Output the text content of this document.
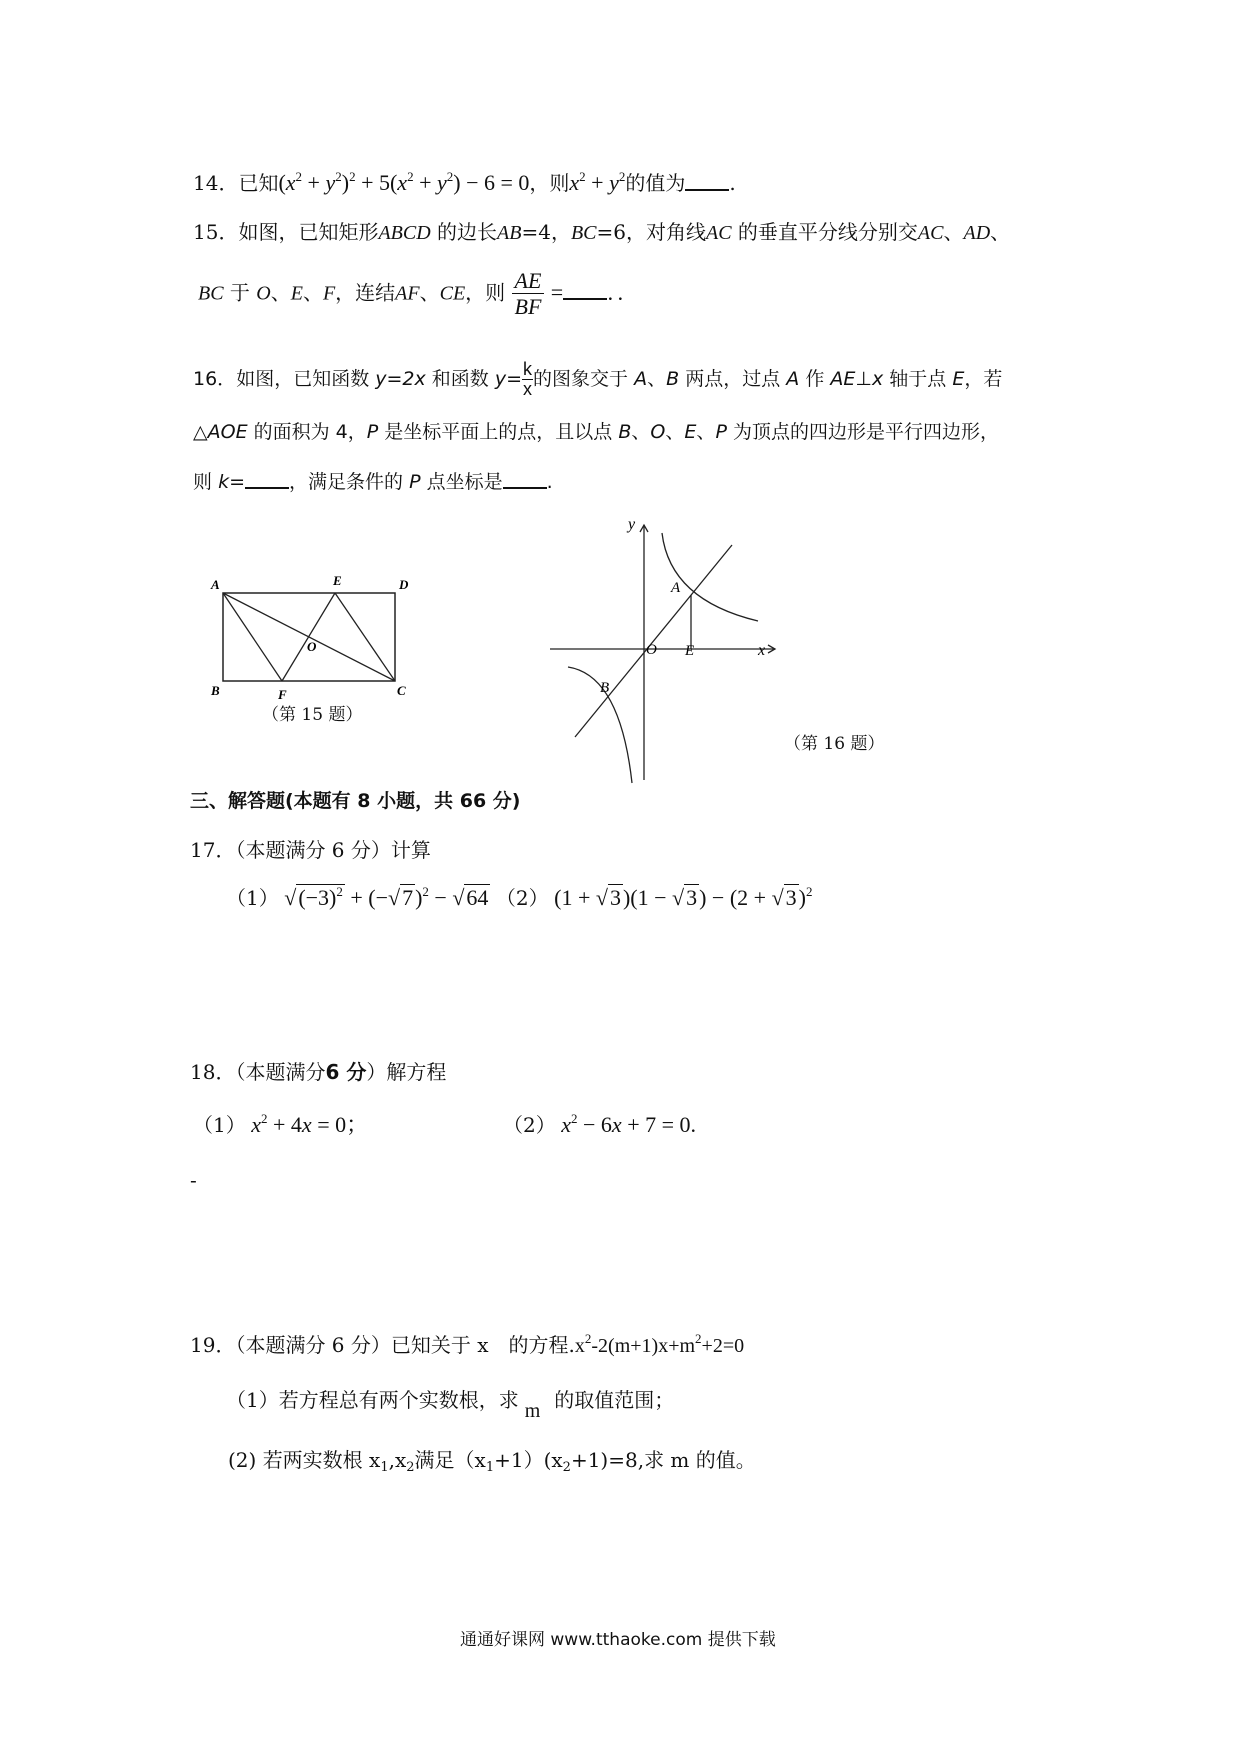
14．已知$(x^2 + y^2)^2 + 5(x^2 + y^2) - 6 = 0$，则$x^2 + y^2$的值为 .
15．如图，已知矩形ABCD 的边长AB=4，BC=6，对角线AC 的垂直平分线分别交AC、AD、
BC 于 O、E、F，连结AF、CE，则 $\frac{AE}{BF}$ = ．．
16．如图，已知函数 y=2x 和函数 $y= \frac{k}{x}$ 的图象交于 A、B 两点，过点 A 作 AE⊥x 轴于点 E，若
△AOE 的面积为 4，P 是坐标平面上的点，且以点 B、O、E、P 为顶点的四边形是平行四边形，
则 k= ，满足条件的 P 点坐标是 .
A	E	D
B	F	C
O
（第 15 题）
y
x
O
A
E
B
（第 16 题）
三、解答题(本题有 8 小题，共 66 分)
17．（本题满分 6 分）计算
（1） $√(-3)^2 + (-√7)^2 - √64$ （2） $(1 + √3)(1 - √3) - (2 + √3)^2$
18．（本题满分6 分）解方程
（1） $x^2 + 4x = 0$；	（2） $x^2 - 6x + 7 = 0$.
-
19．（本题满分 6 分）已知关于 x　的方程$.x^2-2(m+1)x+m^2+2=0$
（1）若方程总有两个实数根，求 m 的取值范围；
(2) 若两实数根 $x_1,x_2$满足$(x_1+1)(x_2+1)=8$,求 m 的值。
通通好课网 www.tthaoke.com 提供下载
